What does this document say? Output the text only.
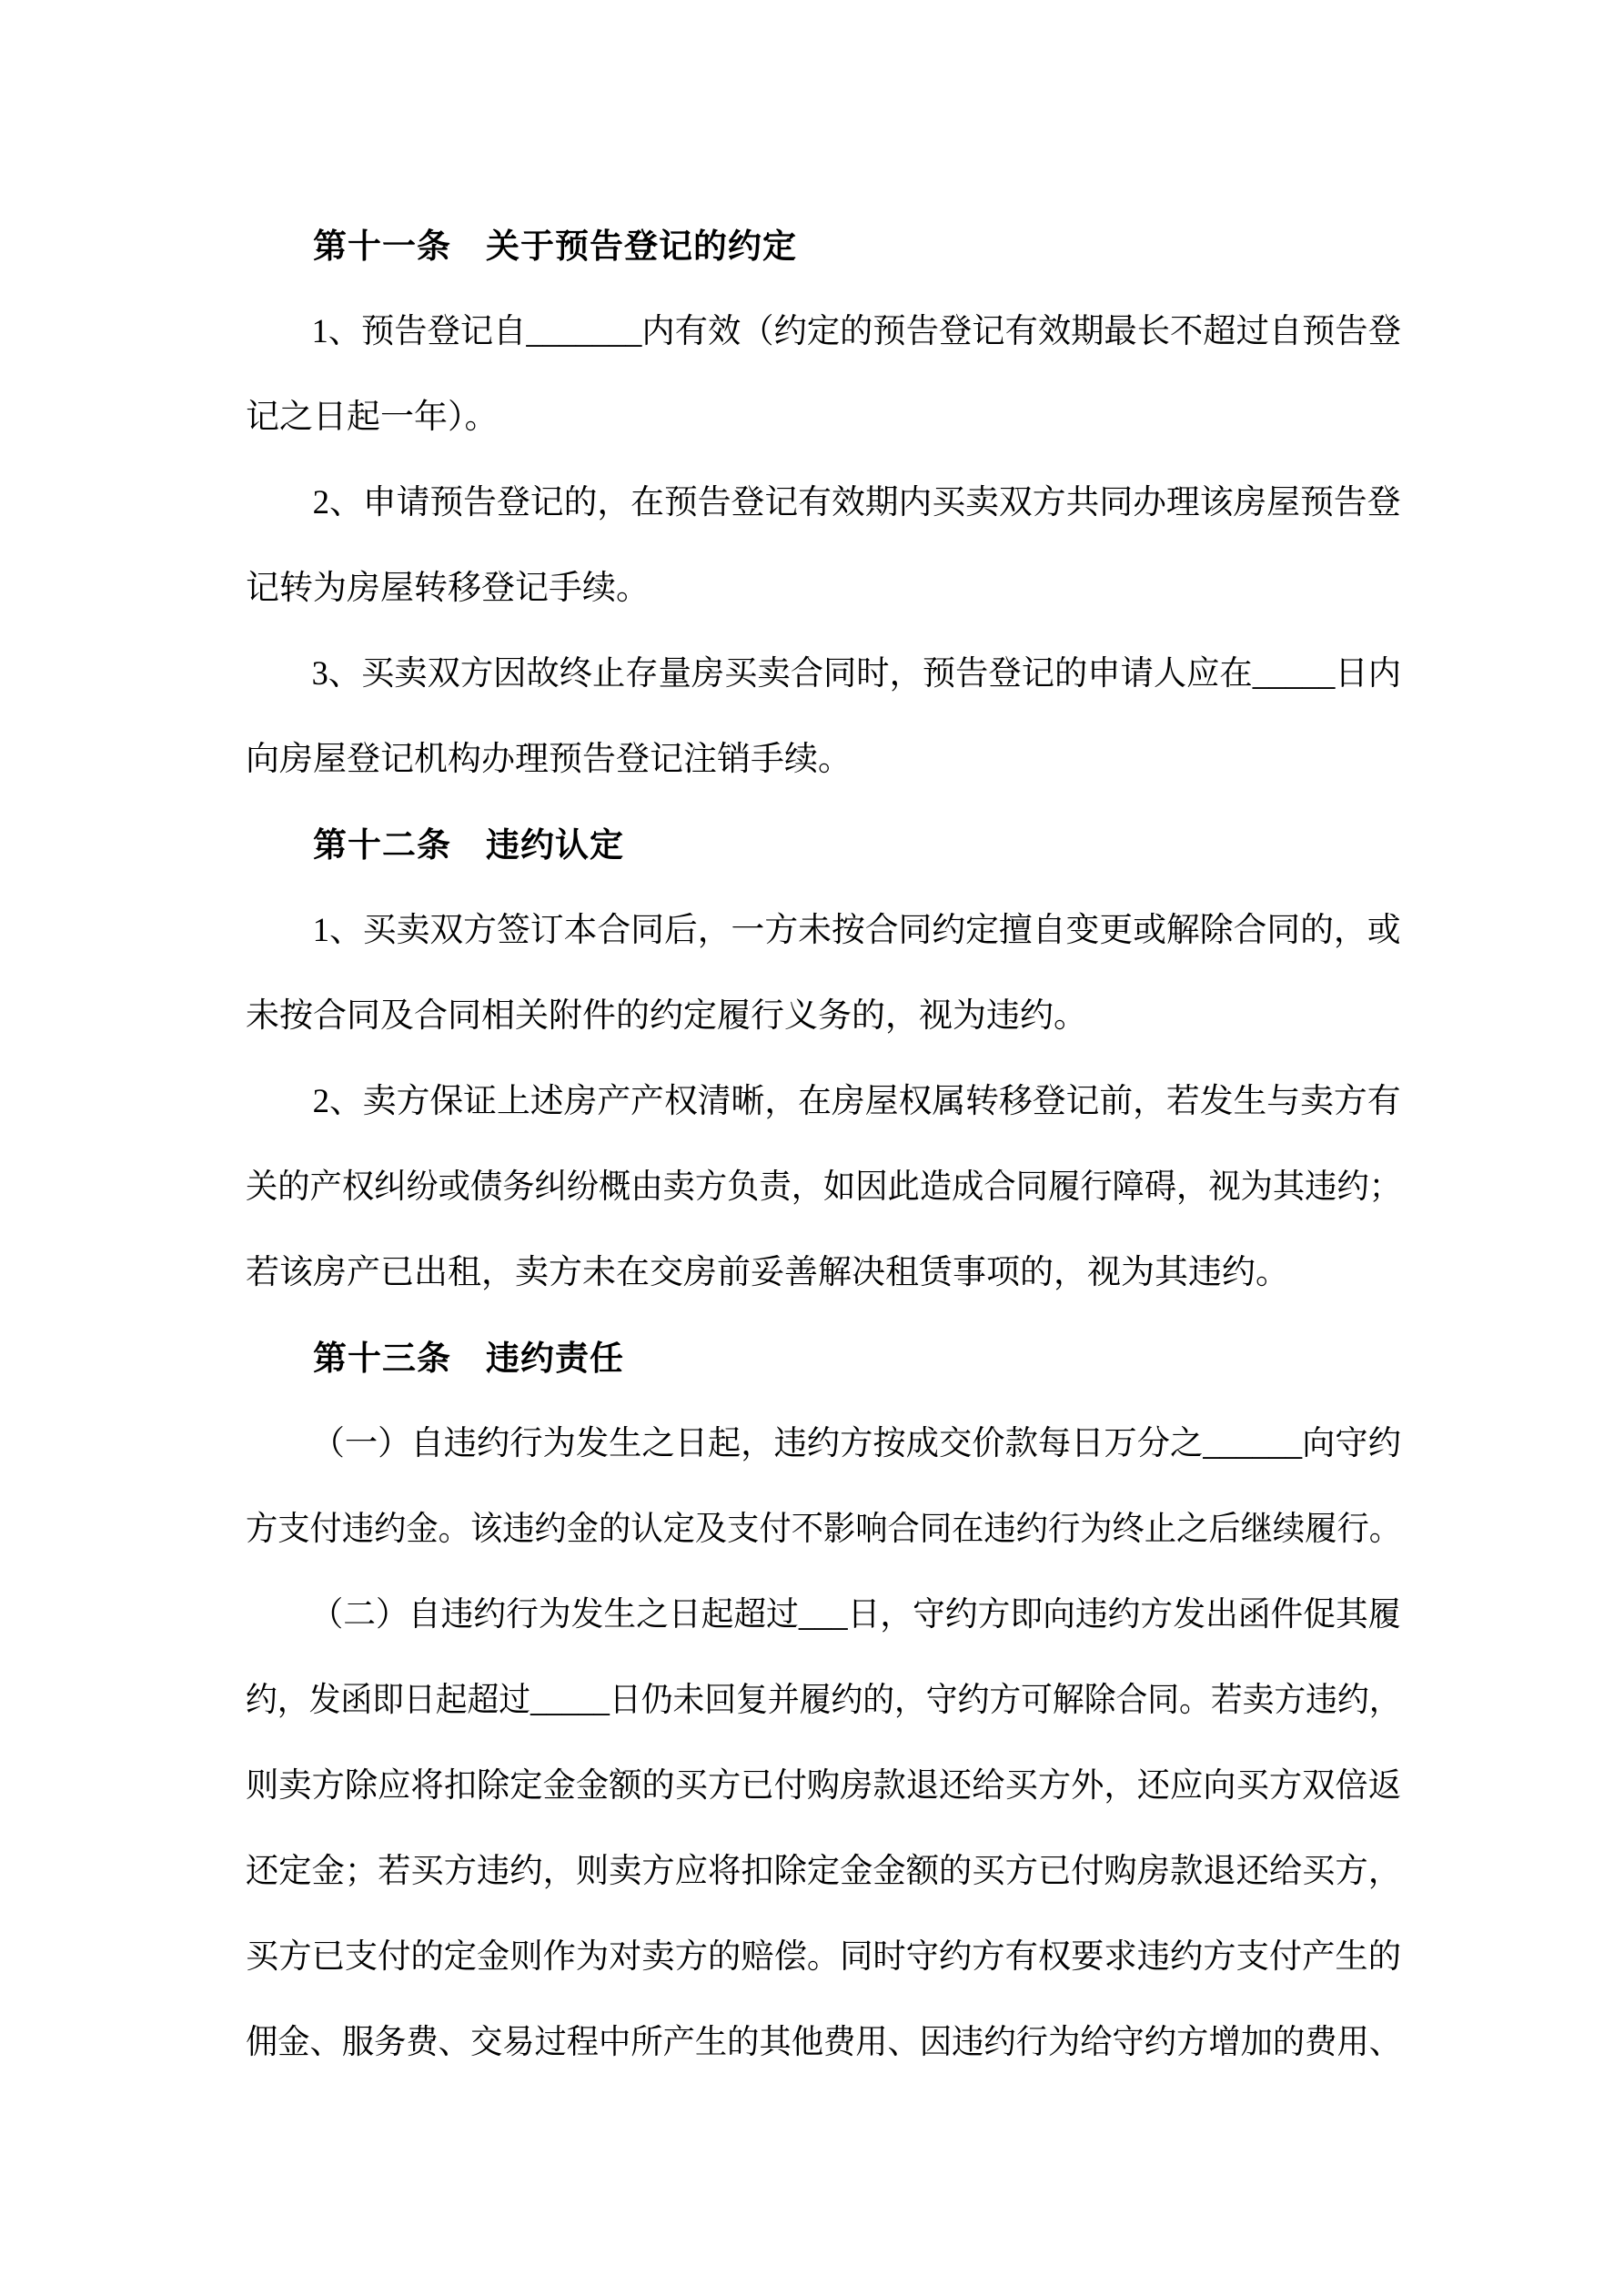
第十一条　关于预告登记的约定
1、预告登记自_______内有效（约定的预告登记有效期最长不超过自预告登
记之日起一年）。
2、申请预告登记的，在预告登记有效期内买卖双方共同办理该房屋预告登
记转为房屋转移登记手续。
3、买卖双方因故终止存量房买卖合同时，预告登记的申请人应在_____日内
向房屋登记机构办理预告登记注销手续。
第十二条　违约认定
1、买卖双方签订本合同后，一方未按合同约定擅自变更或解除合同的，或
未按合同及合同相关附件的约定履行义务的，视为违约。
2、卖方保证上述房产产权清晰，在房屋权属转移登记前，若发生与卖方有
关的产权纠纷或债务纠纷概由卖方负责，如因此造成合同履行障碍，视为其违约；
若该房产已出租，卖方未在交房前妥善解决租赁事项的，视为其违约。
第十三条　违约责任
（一）自违约行为发生之日起，违约方按成交价款每日万分之______向守约
方支付违约金。该违约金的认定及支付不影响合同在违约行为终止之后继续履行。
（二）自违约行为发生之日起超过___日，守约方即向违约方发出函件促其履
约，发函即日起超过_____日仍未回复并履约的，守约方可解除合同。若卖方违约，
则卖方除应将扣除定金金额的买方已付购房款退还给买方外，还应向买方双倍返
还定金；若买方违约，则卖方应将扣除定金金额的买方已付购房款退还给买方，
买方已支付的定金则作为对卖方的赔偿。同时守约方有权要求违约方支付产生的
佣金、服务费、交易过程中所产生的其他费用、因违约行为给守约方增加的费用、
